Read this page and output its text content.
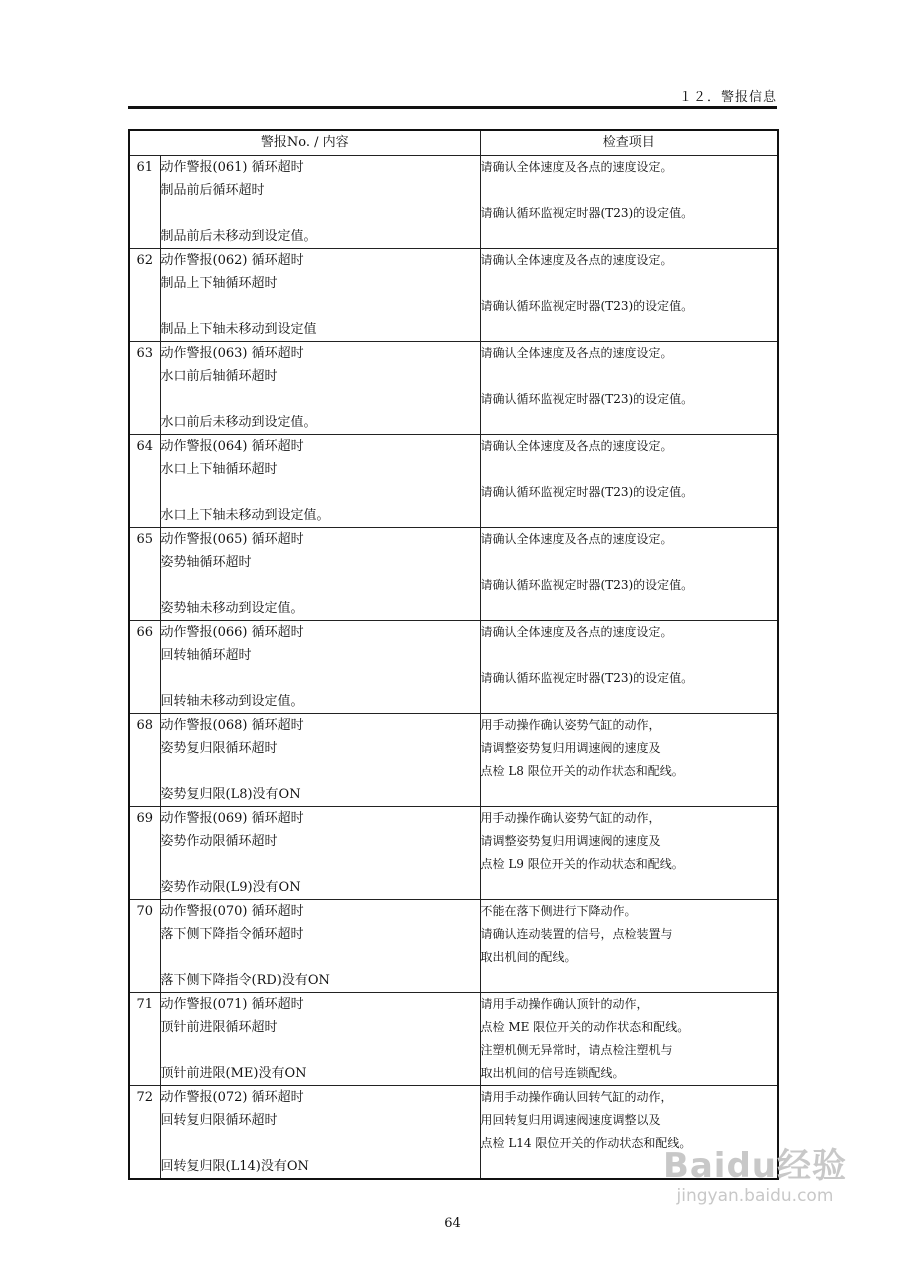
１２．警报信息
警报No. / 内容		检查项目
61	动作警报(061) 循环超时
制品前后循环超时
制品前后未移动到设定值。	请确认全体速度及各点的速度设定。
请确认循环监视定时器(T23)的设定值。

62	动作警报(062) 循环超时
制品上下轴循环超时
制品上下轴未移动到设定值	请确认全体速度及各点的速度设定。
请确认循环监视定时器(T23)的设定值。

63	动作警报(063) 循环超时
水口前后轴循环超时
水口前后未移动到设定值。	请确认全体速度及各点的速度设定。
请确认循环监视定时器(T23)的设定值。

64	动作警报(064) 循环超时
水口上下轴循环超时
水口上下轴未移动到设定值。	请确认全体速度及各点的速度设定。
请确认循环监视定时器(T23)的设定值。

65	动作警报(065) 循环超时
姿势轴循环超时
姿势轴未移动到设定值。	请确认全体速度及各点的速度设定。
请确认循环监视定时器(T23)的设定值。

66	动作警报(066) 循环超时
回转轴循环超时
回转轴未移动到设定值。	请确认全体速度及各点的速度设定。
请确认循环监视定时器(T23)的设定值。

68	动作警报(068) 循环超时
姿势复归限循环超时
姿势复归限(L8)没有ON	用手动操作确认姿势气缸的动作，
请调整姿势复归用调速阀的速度及
点检 L8 限位开关的动作状态和配线。

69	动作警报(069) 循环超时
姿势作动限循环超时
姿势作动限(L9)没有ON	用手动操作确认姿势气缸的动作，
请调整姿势复归用调速阀的速度及
点检 L9 限位开关的作动状态和配线。

70	动作警报(070) 循环超时
落下侧下降指令循环超时
落下侧下降指令(RD)没有ON	不能在落下侧进行下降动作。
请确认连动装置的信号，点检装置与
取出机间的配线。

71	动作警报(071) 循环超时
顶针前进限循环超时
顶针前进限(ME)没有ON	请用手动操作确认顶针的动作，
点检 ME 限位开关的动作状态和配线。
注塑机侧无异常时，请点检注塑机与
取出机间的信号连锁配线。

72	动作警报(072) 循环超时
回转复归限循环超时
回转复归限(L14)没有ON	请用手动操作确认回转气缸的动作，
用回转复归用调速阀速度调整以及
点检 L14 限位开关的作动状态和配线。
64
Baidu经验
jingyan.baidu.com
